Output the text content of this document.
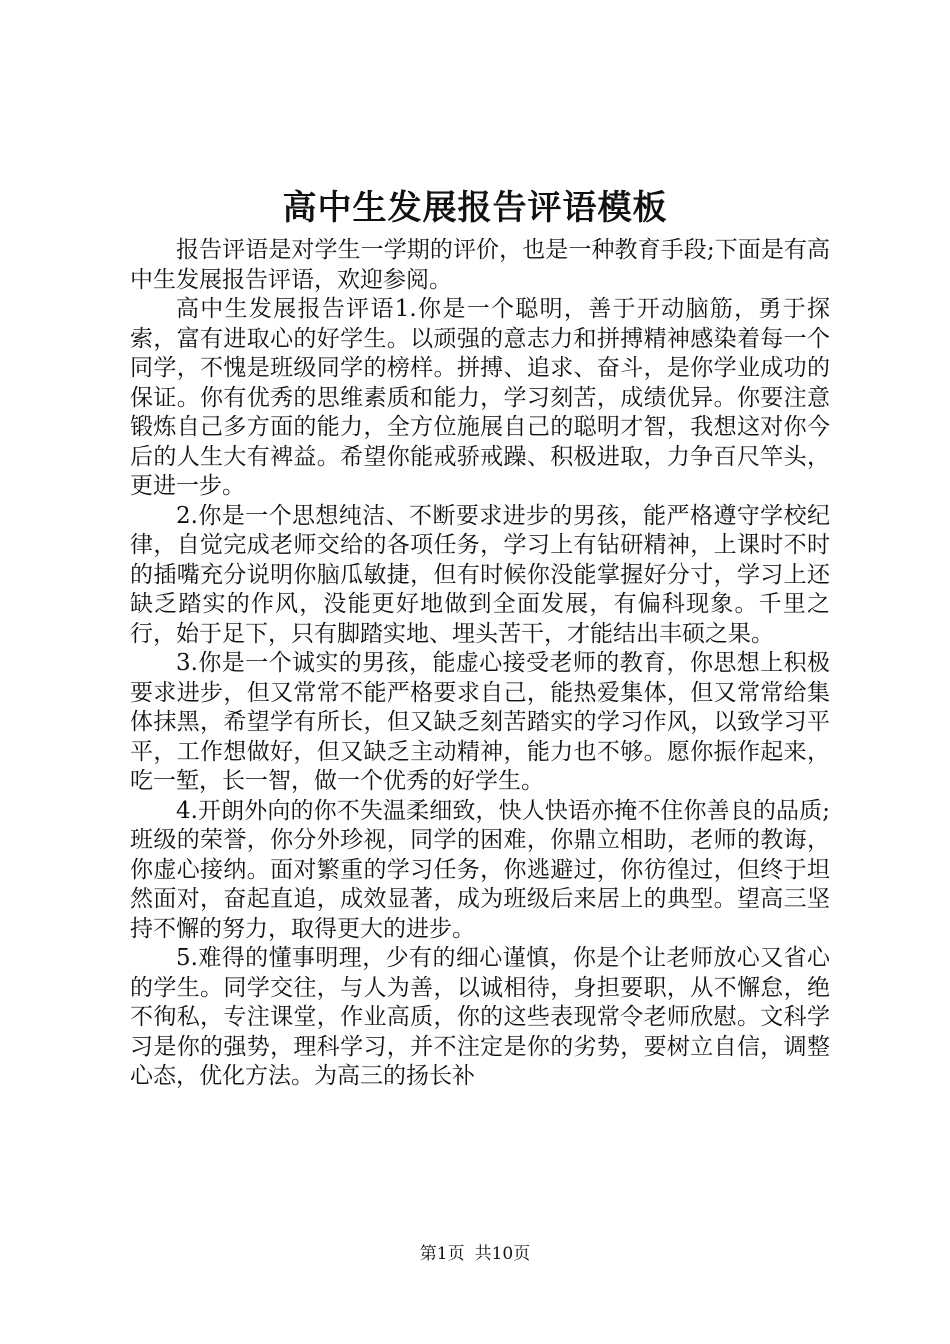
高中生发展报告评语模板

报告评语是对学生一学期的评价，也是一种教育手段;下面是有高中生发展报告评语，欢迎参阅。

高中生发展报告评语1.你是一个聪明，善于开动脑筋，勇于探索，富有进取心的好学生。以顽强的意志力和拼搏精神感染着每一个同学，不愧是班级同学的榜样。拼搏、追求、奋斗，是你学业成功的保证。你有优秀的思维素质和能力，学习刻苦，成绩优异。你要注意锻炼自己多方面的能力，全方位施展自己的聪明才智，我想这对你今后的人生大有裨益。希望你能戒骄戒躁、积极进取，力争百尺竿头，更进一步。

2.你是一个思想纯洁、不断要求进步的男孩，能严格遵守学校纪律，自觉完成老师交给的各项任务，学习上有钻研精神，上课时不时的插嘴充分说明你脑瓜敏捷，但有时候你没能掌握好分寸，学习上还缺乏踏实的作风，没能更好地做到全面发展，有偏科现象。千里之行，始于足下，只有脚踏实地、埋头苦干，才能结出丰硕之果。

3.你是一个诚实的男孩，能虚心接受老师的教育，你思想上积极要求进步，但又常常不能严格要求自己，能热爱集体，但又常常给集体抹黑，希望学有所长，但又缺乏刻苦踏实的学习作风，以致学习平平，工作想做好，但又缺乏主动精神，能力也不够。愿你振作起来，吃一堑，长一智，做一个优秀的好学生。

4.开朗外向的你不失温柔细致，快人快语亦掩不住你善良的品质;班级的荣誉，你分外珍视，同学的困难，你鼎立相助，老师的教诲，你虚心接纳。面对繁重的学习任务，你逃避过，你彷徨过，但终于坦然面对，奋起直追，成效显著，成为班级后来居上的典型。望高三坚持不懈的努力，取得更大的进步。

5.难得的懂事明理，少有的细心谨慎，你是个让老师放心又省心的学生。同学交往，与人为善，以诚相待，身担要职，从不懈怠，绝不徇私，专注课堂，作业高质，你的这些表现常令老师欣慰。文科学习是你的强势，理科学习，并不注定是你的劣势，要树立自信，调整心态，优化方法。为高三的扬长补

第1页 共10页
